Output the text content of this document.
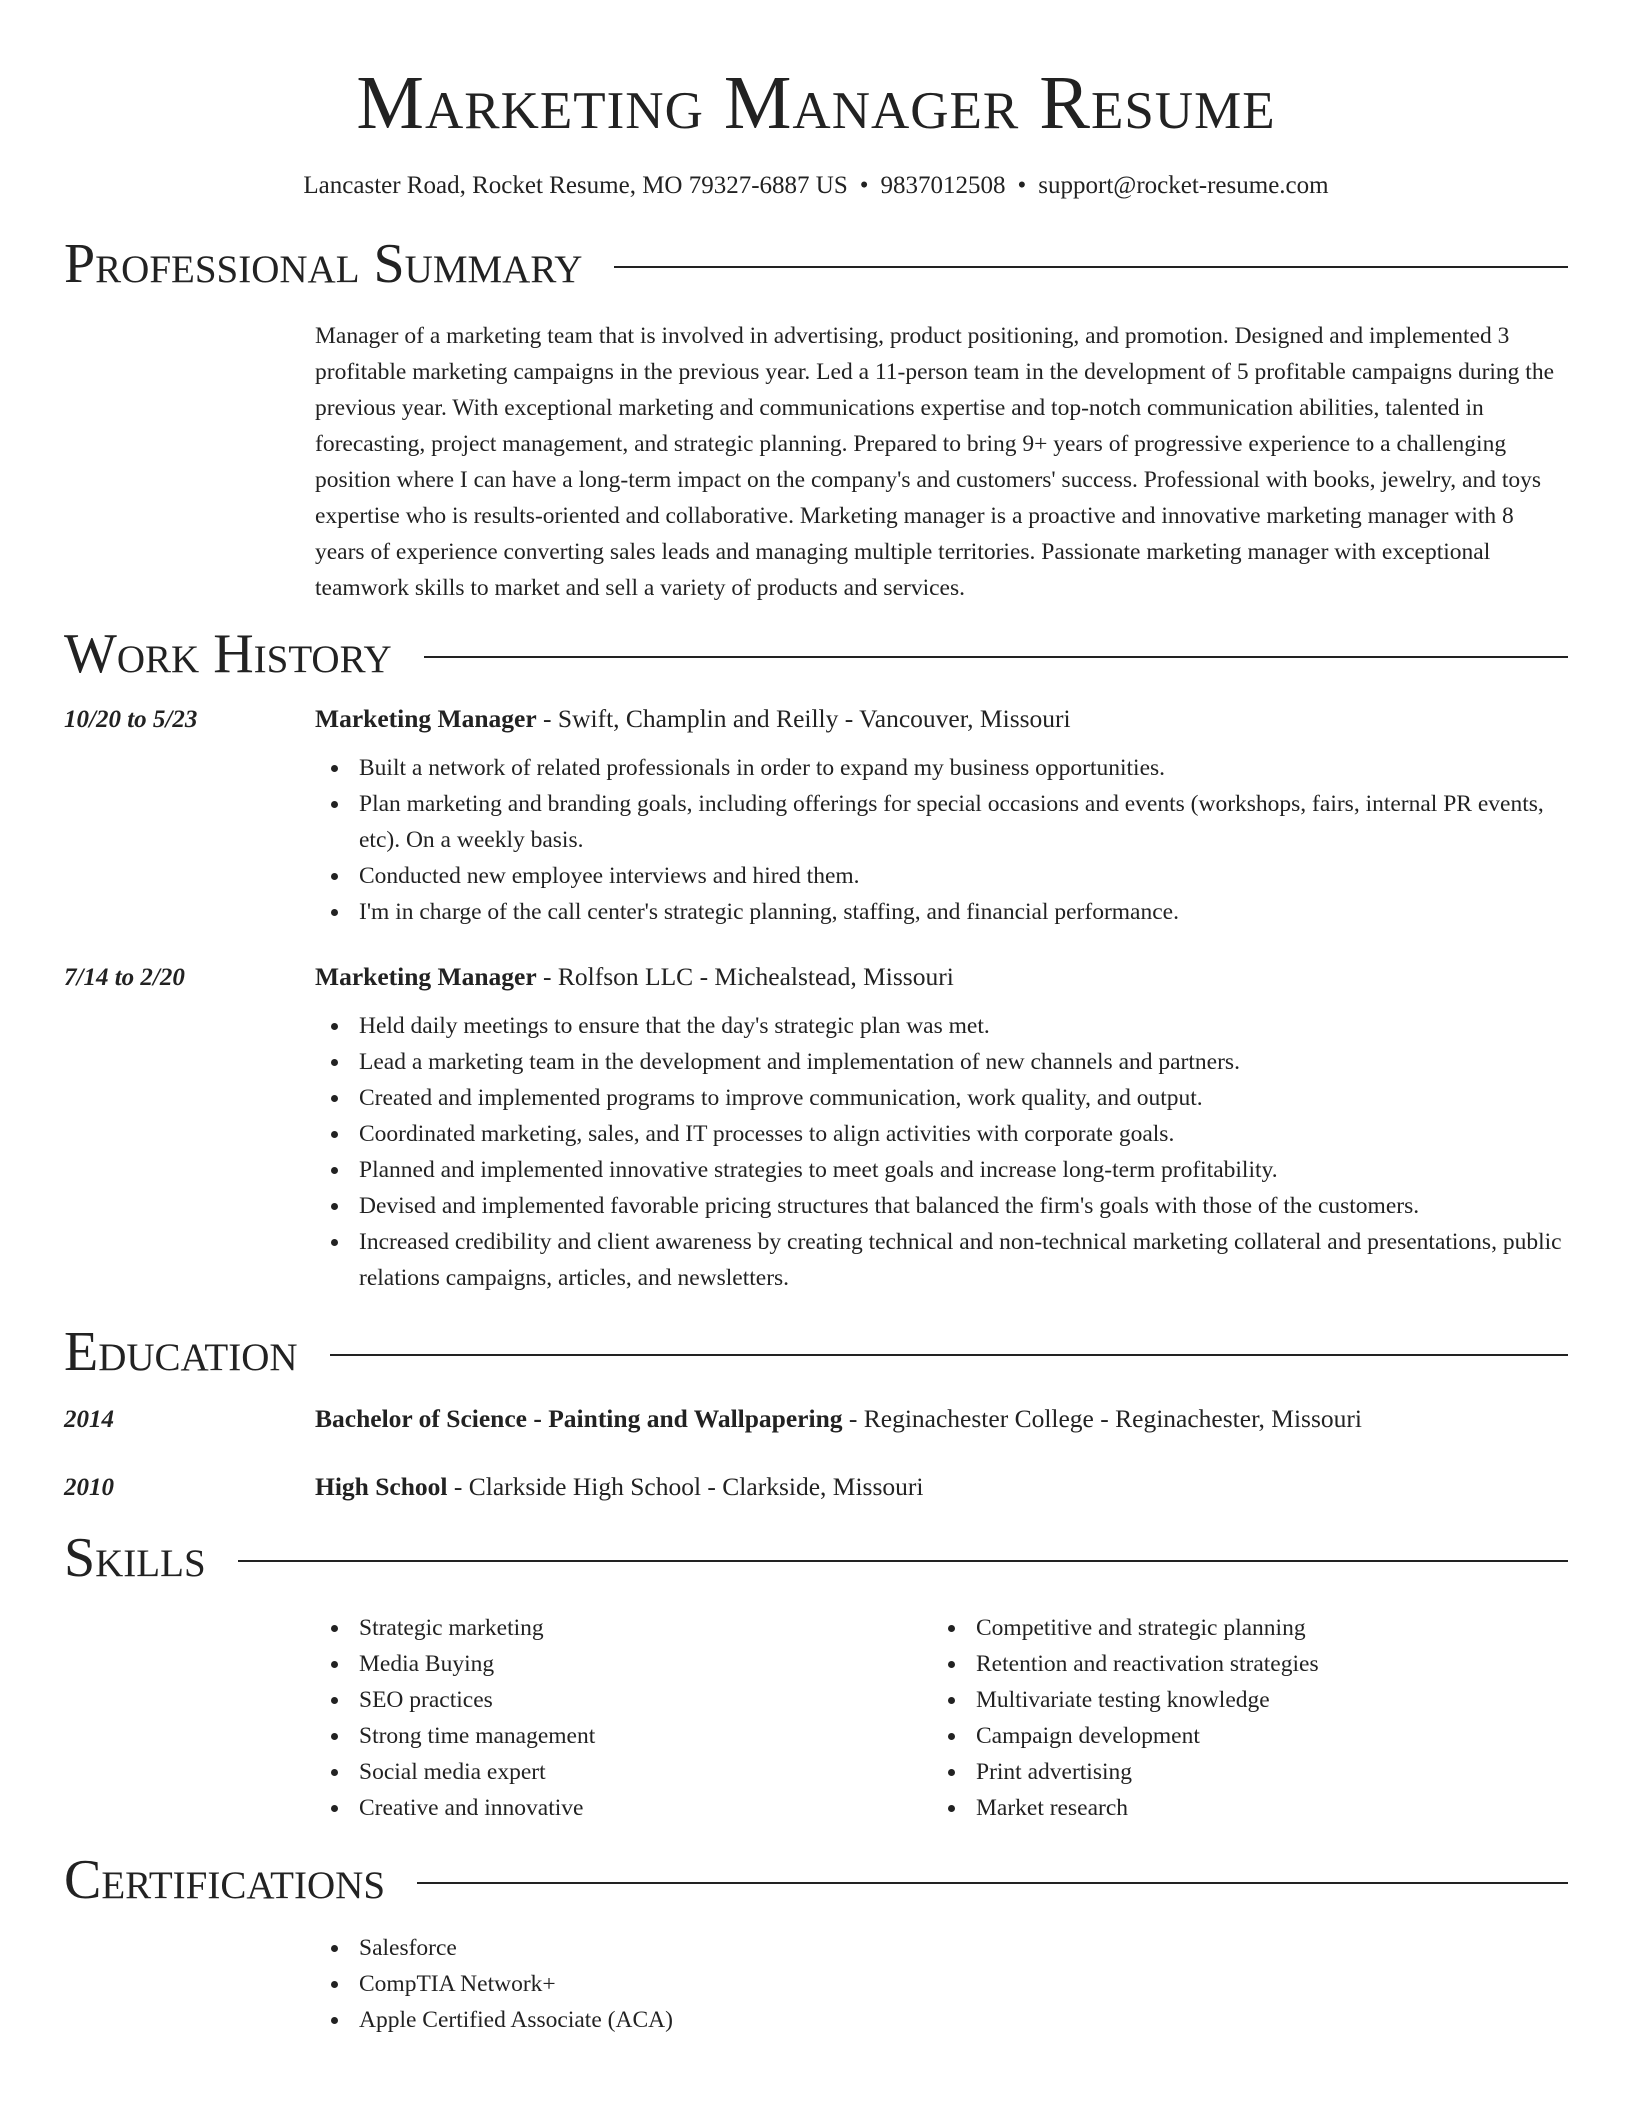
Marketing Manager Resume
Lancaster Road, Rocket Resume, MO 79327-6887 US • 9837012508 • support@rocket-resume.com
Professional Summary
Manager of a marketing team that is involved in advertising, product positioning, and promotion. Designed and implemented 3 profitable marketing campaigns in the previous year. Led a 11-person team in the development of 5 profitable campaigns during the previous year. With exceptional marketing and communications expertise and top-notch communication abilities, talented in forecasting, project management, and strategic planning. Prepared to bring 9+ years of progressive experience to a challenging position where I can have a long-term impact on the company's and customers' success. Professional with books, jewelry, and toys expertise who is results-oriented and collaborative. Marketing manager is a proactive and innovative marketing manager with 8 years of experience converting sales leads and managing multiple territories. Passionate marketing manager with exceptional teamwork skills to market and sell a variety of products and services.
Work History
10/20 to 5/23	Marketing Manager - Swift, Champlin and Reilly - Vancouver, Missouri
Built a network of related professionals in order to expand my business opportunities.
Plan marketing and branding goals, including offerings for special occasions and events (workshops, fairs, internal PR events, etc). On a weekly basis.
Conducted new employee interviews and hired them.
I'm in charge of the call center's strategic planning, staffing, and financial performance.
7/14 to 2/20	Marketing Manager - Rolfson LLC - Michealstead, Missouri
Held daily meetings to ensure that the day's strategic plan was met.
Lead a marketing team in the development and implementation of new channels and partners.
Created and implemented programs to improve communication, work quality, and output.
Coordinated marketing, sales, and IT processes to align activities with corporate goals.
Planned and implemented innovative strategies to meet goals and increase long-term profitability.
Devised and implemented favorable pricing structures that balanced the firm's goals with those of the customers.
Increased credibility and client awareness by creating technical and non-technical marketing collateral and presentations, public relations campaigns, articles, and newsletters.
Education
2014	Bachelor of Science - Painting and Wallpapering - Reginachester College - Reginachester, Missouri
2010	High School - Clarkside High School - Clarkside, Missouri
Skills
Strategic marketing
Media Buying
SEO practices
Strong time management
Social media expert
Creative and innovative
Competitive and strategic planning
Retention and reactivation strategies
Multivariate testing knowledge
Campaign development
Print advertising
Market research
Certifications
Salesforce
CompTIA Network+
Apple Certified Associate (ACA)
